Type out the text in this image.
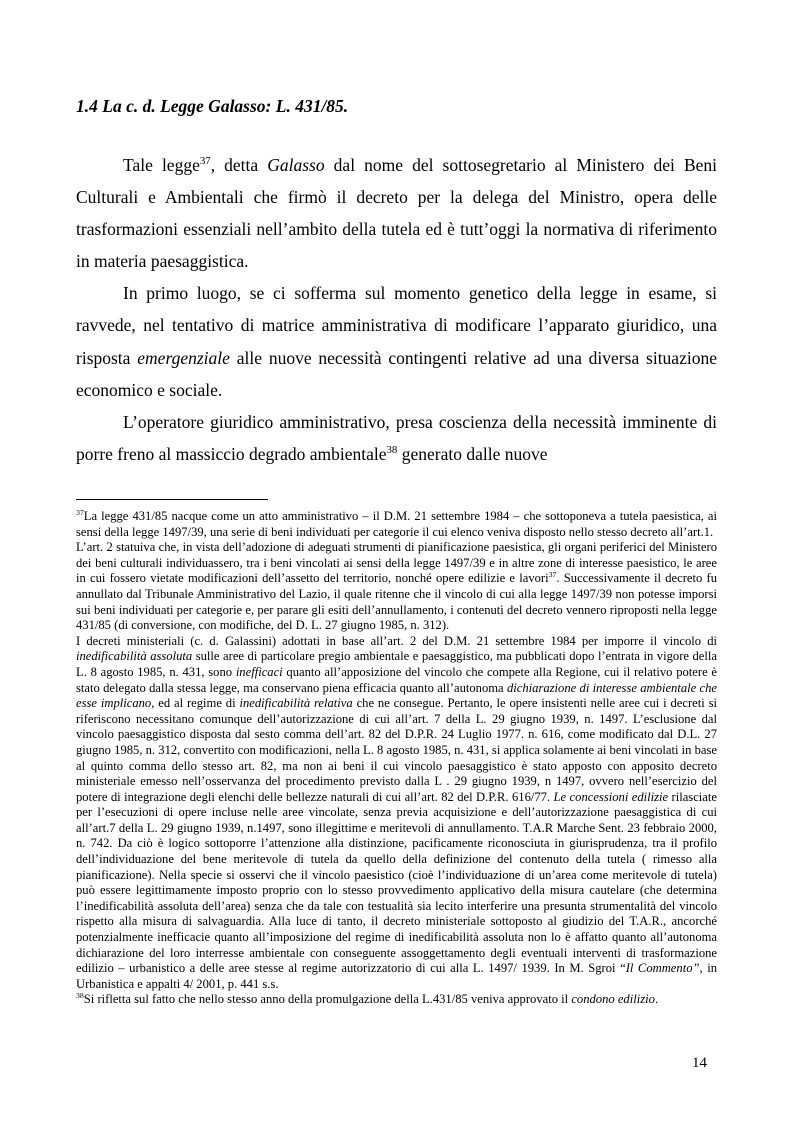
1.4 La c. d. Legge Galasso: L. 431/85.

Tale legge$^{37}$, detta Galasso dal nome del sottosegretario al Ministero dei Beni Culturali e Ambientali che firmò il decreto per la delega del Ministro, opera delle trasformazioni essenziali nell’ambito della tutela ed è tutt’oggi la normativa di riferimento in materia paesaggistica.

In primo luogo, se ci sofferma sul momento genetico della legge in esame, si ravvede, nel tentativo di matrice amministrativa di modificare l’apparato giuridico, una risposta emergenziale alle nuove necessità contingenti relative ad una diversa situazione economico e sociale.

L’operatore giuridico amministrativo, presa coscienza della necessità imminente di porre freno al massiccio degrado ambientale$^{38}$ generato dalle nuove

$^{37}$La legge 431/85 nacque come un atto amministrativo – il D.M. 21 settembre 1984 – che sottoponeva a tutela paesistica, ai sensi della legge 1497/39, una serie di beni individuati per categorie il cui elenco veniva disposto nello stesso decreto all’art.1.

L’art. 2 statuiva che, in vista dell’adozione di adeguati strumenti di pianificazione paesistica, gli organi periferici del Ministero dei beni culturali individuassero, tra i beni vincolati ai sensi della legge 1497/39 e in altre zone di interesse paesistico, le aree in cui fossero vietate modificazioni dell’assetto del territorio, nonché opere edilizie e lavori$^{37}$. Successivamente il decreto fu annullato dal Tribunale Amministrativo del Lazio, il quale ritenne che il vincolo di cui alla legge 1497/39 non potesse imporsi sui beni individuati per categorie e, per parare gli esiti dell’annullamento, i contenuti del decreto vennero riproposti nella legge 431/85 (di conversione, con modifiche, del D. L. 27 giugno 1985, n. 312).

I decreti ministeriali (c. d. Galassini) adottati in base all’art. 2 del D.M. 21 settembre 1984 per imporre il vincolo di inedificabilità assoluta sulle aree di particolare pregio ambientale e paesaggistico, ma pubblicati dopo l’entrata in vigore della L. 8 agosto 1985, n. 431, sono inefficaci quanto all’apposizione del vincolo che compete alla Regione, cui il relativo potere è stato delegato dalla stessa legge, ma conservano piena efficacia quanto all’autonoma dichiarazione di interesse ambientale che esse implicano, ed al regime di inedificabilità relativa che ne consegue. Pertanto, le opere insistenti nelle aree cui i decreti si riferiscono necessitano comunque dell’autorizzazione di cui all’art. 7 della L. 29 giugno 1939, n. 1497. L’esclusione dal vincolo paesaggistico disposta dal sesto comma dell’art. 82 del D.P.R. 24 Luglio 1977. n. 616, come modificato dal D.L. 27 giugno 1985, n. 312, convertito con modificazioni, nella L. 8 agosto 1985, n. 431, si applica solamente ai beni vincolati in base al quinto comma dello stesso art. 82, ma non ai beni il cui vincolo paesaggistico è stato apposto con apposito decreto ministeriale emesso nell’osservanza del procedimento previsto dalla L . 29 giugno 1939, n 1497, ovvero nell’esercizio del potere di integrazione degli elenchi delle bellezze naturali di cui all’art. 82 del D.P.R. 616/77. Le concessioni edilizie rilasciate per l’esecuzioni di opere incluse nelle aree vincolate, senza previa acquisizione e dell’autorizzazione paesaggistica di cui all’art.7 della L. 29 giugno 1939, n.1497, sono illegittime e meritevoli di annullamento. T.A.R Marche Sent. 23 febbraio 2000, n. 742. Da ciò è logico sottoporre l’attenzione alla distinzione, pacificamente riconosciuta in giurisprudenza, tra il profilo dell’individuazione del bene meritevole di tutela da quello della definizione del contenuto della tutela ( rimesso alla pianificazione). Nella specie si osservi che il vincolo paesistico (cioè l’individuazione di un’area come meritevole di tutela) può essere legittimamente imposto proprio con lo stesso provvedimento applicativo della misura cautelare (che determina l’inedificabilità assoluta dell’area) senza che da tale con testualità sia lecito interferire una presunta strumentalità del vincolo rispetto alla misura di salvaguardia. Alla luce di tanto, il decreto ministeriale sottoposto al giudizio del T.A.R., ancorché potenzialmente inefficacie quanto all’imposizione del regime di inedificabilità assoluta non lo è affatto quanto all’autonoma dichiarazione del loro interresse ambientale con conseguente assoggettamento degli eventuali interventi di trasformazione edilizio – urbanistico a delle aree stesse al regime autorizzatorio di cui alla L. 1497/ 1939. In M. Sgroi “Il Commento”, in Urbanistica e appalti 4/ 2001, p. 441 s.s.

$^{38}$Si rifletta sul fatto che nello stesso anno della promulgazione della L.431/85 veniva approvato il condono edilizio.

14
